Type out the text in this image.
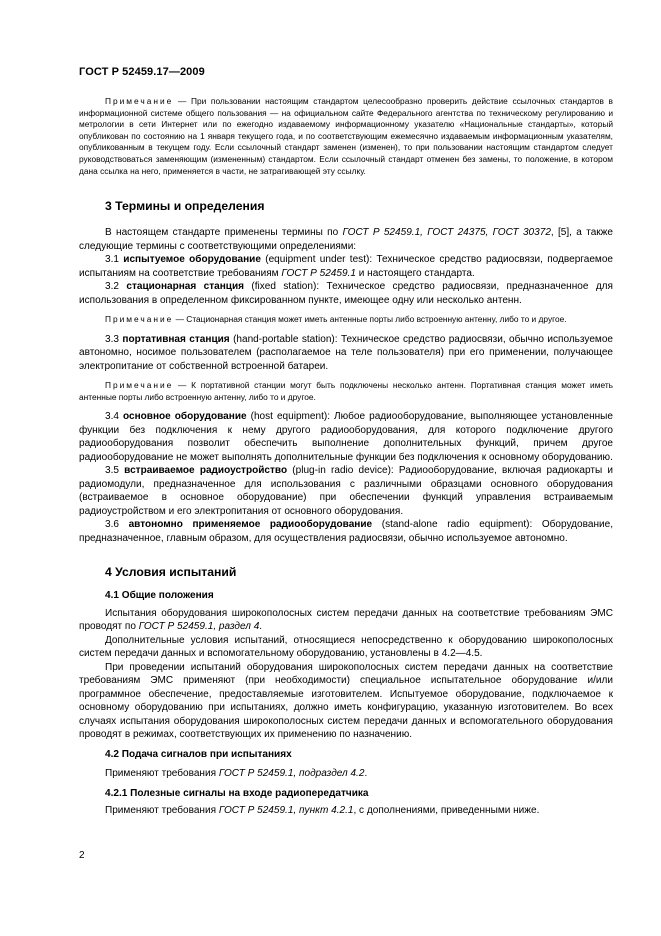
ГОСТ Р 52459.17—2009

Примечание — При пользовании настоящим стандартом целесообразно проверить действие ссылочных стандартов в информационной системе общего пользования — на официальном сайте Федерального агентства по техническому регулированию и метрологии в сети Интернет или по ежегодно издаваемому информационному указателю «Национальные стандарты», который опубликован по состоянию на 1 января текущего года, и по соответствующим ежемесячно издаваемым информационным указателям, опубликованным в текущем году. Если ссылочный стандарт заменен (изменен), то при пользовании настоящим стандартом следует руководствоваться заменяющим (измененным) стандартом. Если ссылочный стандарт отменен без замены, то положение, в котором дана ссылка на него, применяется в части, не затрагивающей эту ссылку.

3 Термины и определения

В настоящем стандарте применены термины по ГОСТ Р 52459.1, ГОСТ 24375, ГОСТ 30372, [5], а также следующие термины с соответствующими определениями:

3.1 испытуемое оборудование (equipment under test): Техническое средство радиосвязи, подвергаемое испытаниям на соответствие требованиям ГОСТ Р 52459.1 и настоящего стандарта.

3.2 стационарная станция (fixed station): Техническое средство радиосвязи, предназначенное для использования в определенном фиксированном пункте, имеющее одну или несколько антенн.

Примечание — Стационарная станция может иметь антенные порты либо встроенную антенну, либо то и другое.

3.3 портативная станция (hand-portable station): Техническое средство радиосвязи, обычно используемое автономно, носимое пользователем (располагаемое на теле пользователя) при его применении, получающее электропитание от собственной встроенной батареи.

Примечание — К портативной станции могут быть подключены несколько антенн. Портативная станция может иметь антенные порты либо встроенную антенну, либо то и другое.

3.4 основное оборудование (host equipment): Любое радиооборудование, выполняющее установленные функции без подключения к нему другого радиооборудования, для которого подключение другого радиооборудования позволит обеспечить выполнение дополнительных функций, причем другое радиооборудование не может выполнять дополнительные функции без подключения к основному оборудованию.

3.5 встраиваемое радиоустройство (plug-in radio device): Радиооборудование, включая радиокарты и радиомодули, предназначенное для использования с различными образцами основного оборудования (встраиваемое в основное оборудование) при обеспечении функций управления встраиваемым радиоустройством и его электропитания от основного оборудования.

3.6 автономно применяемое радиооборудование (stand-alone radio equipment): Оборудование, предназначенное, главным образом, для осуществления радиосвязи, обычно используемое автономно.

4 Условия испытаний
4.1 Общие положения

Испытания оборудования широкополосных систем передачи данных на соответствие требованиям ЭМС проводят по ГОСТ Р 52459.1, раздел 4.

Дополнительные условия испытаний, относящиеся непосредственно к оборудованию широкополосных систем передачи данных и вспомогательному оборудованию, установлены в 4.2—4.5.

При проведении испытаний оборудования широкополосных систем передачи данных на соответствие требованиям ЭМС применяют (при необходимости) специальное испытательное оборудование и/или программное обеспечение, предоставляемые изготовителем. Испытуемое оборудование, подключаемое к основному оборудованию при испытаниях, должно иметь конфигурацию, указанную изготовителем. Во всех случаях испытания оборудования широкополосных систем передачи данных и вспомогательного оборудования проводят в режимах, соответствующих их применению по назначению.

4.2 Подача сигналов при испытаниях

Применяют требования ГОСТ Р 52459.1, подраздел 4.2.

4.2.1 Полезные сигналы на входе радиопередатчика

Применяют требования ГОСТ Р 52459.1, пункт 4.2.1, с дополнениями, приведенными ниже.

2
